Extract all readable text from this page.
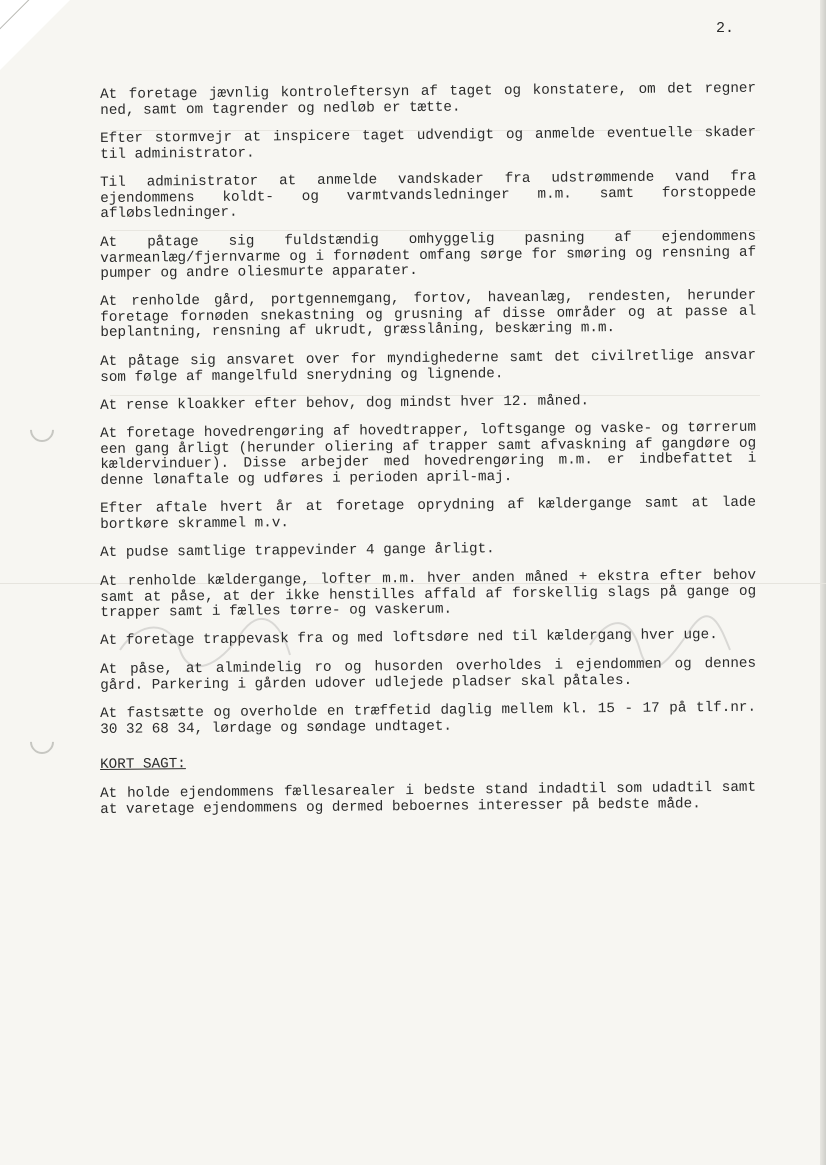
2.

At foretage jævnlig kontroleftersyn af taget og konstatere, om det regner ned, samt om tagrender og nedløb er tætte.

Efter stormvejr at inspicere taget udvendigt og anmelde eventuelle skader til administrator.

Til administrator at anmelde vandskader fra udstrømmende vand fra ejendommens koldt- og varmtvandsledninger m.m. samt forstoppede afløbsledninger.

At påtage sig fuldstændig omhyggelig pasning af ejendommens varmeanlæg/fjernvarme og i fornødent omfang sørge for smøring og rensning af pumper og andre oliesmurte apparater.

At renholde gård, portgennemgang, fortov, haveanlæg, rendesten, herunder foretage fornøden snekastning og grusning af disse områder og at passe al beplantning, rensning af ukrudt, græsslåning, beskæring m.m.

At påtage sig ansvaret over for myndighederne samt det civilretlige ansvar som følge af mangelfuld snerydning og lignende.

At rense kloakker efter behov, dog mindst hver 12. måned.

At foretage hovedrengøring af hovedtrapper, loftsgange og vaske- og tørrerum een gang årligt (herunder oliering af trapper samt afvaskning af gangdøre og kældervinduer). Disse arbejder med hovedrengøring m.m. er indbefattet i denne lønaftale og udføres i perioden april-maj.

Efter aftale hvert år at foretage oprydning af kældergange samt at lade bortkøre skrammel m.v.

At pudse samtlige trappevinder 4 gange årligt.

At renholde kældergange, lofter m.m. hver anden måned + ekstra efter behov samt at påse, at der ikke henstilles affald af forskellig slags på gange og trapper samt i fælles tørre- og vaskerum.

At foretage trappevask fra og med loftsdøre ned til kældergang hver uge.

At påse, at almindelig ro og husorden overholdes i ejendommen og dennes gård. Parkering i gården udover udlejede pladser skal påtales.

At fastsætte og overholde en træffetid daglig mellem kl. 15 - 17 på tlf.nr. 30 32 68 34, lørdage og søndage undtaget.

KORT SAGT:

At holde ejendommens fællesarealer i bedste stand indadtil som udadtil samt at varetage ejendommens og dermed beboernes interesser på bedste måde.
